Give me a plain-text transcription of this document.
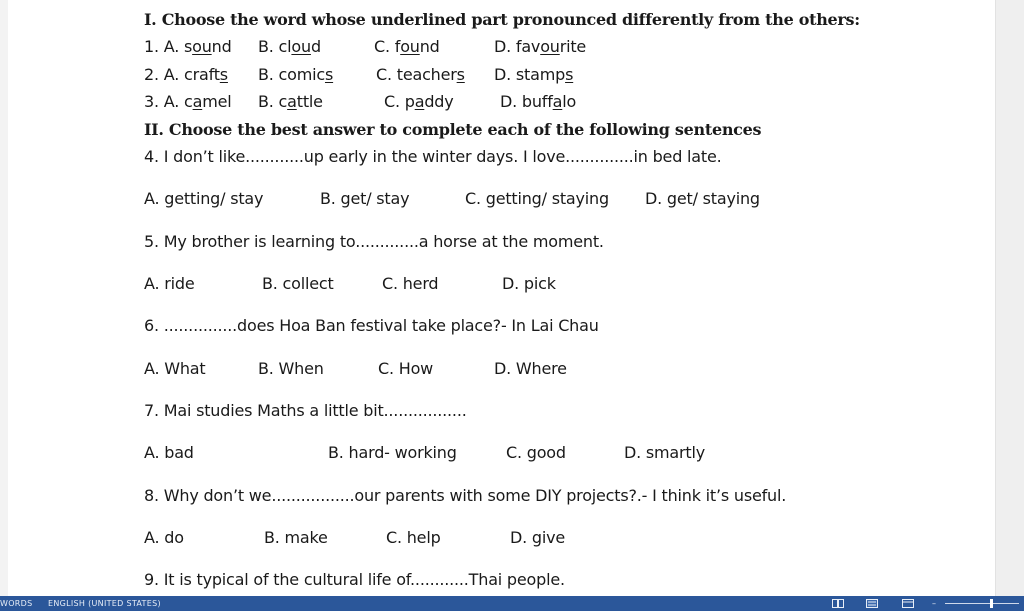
I. Choose the word whose underlined part pronounced differently from the others:
1. A. sound B. cloud	C. found	D. favourite
2. A. crafts B. comics	C. teachers D. stamps
3. A. camel B. cattle	C. paddy	D. buffalo
II. Choose the best answer to complete each of the following sentences
4. I don’t like............up early in the winter days. I love..............in bed late.
A. getting/ stay	B. get/ stay	C. getting/ staying D. get/ staying
5. My brother is learning to.............a horse at the moment.
A. ride	B. collect	C. herd	D. pick
6. ...............does Hoa Ban festival take place?- In Lai Chau
A. What	B. When	C. How	D. Where
7. Mai studies Maths a little bit.................
A. bad	B. hard- working	C. good	D. smartly
8. Why don’t we.................our parents with some DIY projects?.- I think it’s useful.
A. do	B. make	C. help	D. give
9. It is typical of the cultural life of............Thai people.
WORDS ENGLISH (UNITED STATES)	–
